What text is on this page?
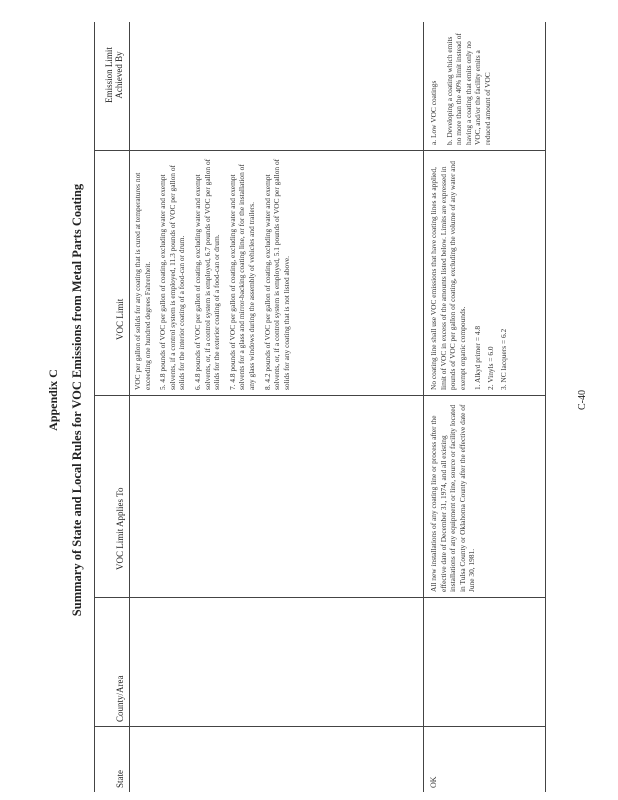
Appendix C Summary of State and Local Rules for VOC Emissions from Metal Parts Coating
State
County/Area
VOC Limit Applies To
VOC Limit
Emission Limit Achieved By

VOC per gallon of solids for any coating that is cured at temperatures not exceeding one hundred degrees Fahrenheit. 5. 4.8 pounds of VOC per gallon of coating, excluding water and exempt solvents, if a control system is employed, 11.3 pounds of VOC per gallon of solids for the interior coating of a food-can or drum. 6. 4.8 pounds of VOC per gallon of coating, excluding water and exempt solvents, or, if a control system is employed, 6.7 pounds of VOC per gallon of solids for the exterior coating of a food-can or drum. 7. 4.8 pounds of VOC per gallon of coating, excluding water and exempt solvents for a glass and mirror-backing coating line, or for the installation of any glass windows during the assembly of vehicles and trailers. 8. 4.2 pounds of VOC per gallon of coating, excluding water and exempt solvents, or, if a control system is employed, 5.1 pounds of VOC per gallon of solids for any coating that is not listed above.

OK
All new installations of any coating line or process after the effective date of December 31, 1974, and all existing installations of any equipment or line, source or facility located in Tulsa County or Oklahoma County after the effective date of June 30, 1981.

No coating line shall use VOC emissions that have coating lines as applied, limit of VOC in excess of the amounts listed below. Limits are expressed in pounds of VOC per gallon of coating, excluding the volume of any water and exempt organic compounds. 1. Alkyd primer = 4.8 2. Vinyls = 6.0 3. NC lacquers = 6.2

a. Low VOC coatings b. Developing a coating which emits no more than the 40% limit instead of having a coating that emits only no VOC, and/or the facility emits a reduced amount of VOC

C-40
